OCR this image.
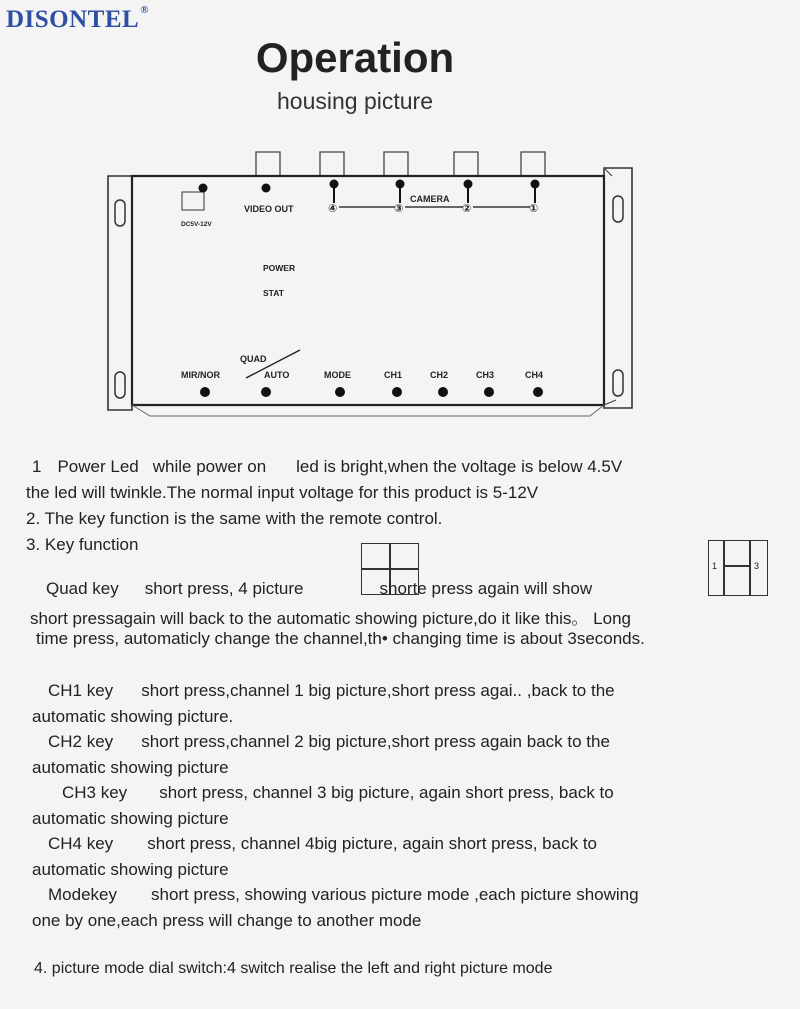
DISONTEL®
Operation
housing picture
DC5V-12V
VIDEO OUT	④	③	②	①
CAMERA
POWER
STAT
MIR/NOR
QUAD
AUTO	MODE	CH1	CH2	CH3	CH4
1 Power Led while power on led is bright,when the voltage is below 4.5V
the led will twinkle.The normal input voltage for this product is 5-12V
2. The key function is the same with the remote control.
3. Key function
Quad key short press, 4 picture	shorte press again will show
1	3
short pressagain will back to the automatic showing picture,do it like this。 Long
time press, automaticly change the channel,th• changing time is about 3seconds.
CH1 key short press,channel 1 big picture,short press agai.. ,back to the
automatic showing picture.
CH2 key short press,channel 2 big picture,short press again back to the
automatic showing picture
CH3 key short press, channel 3 big picture, again short press, back to
automatic showing picture
CH4 key short press, channel 4big picture, again short press, back to
automatic showing picture
Modekey short press, showing various picture mode ,each picture showing
one by one,each press will change to another mode
4. picture mode dial switch:4 switch realise the left and right picture mode
